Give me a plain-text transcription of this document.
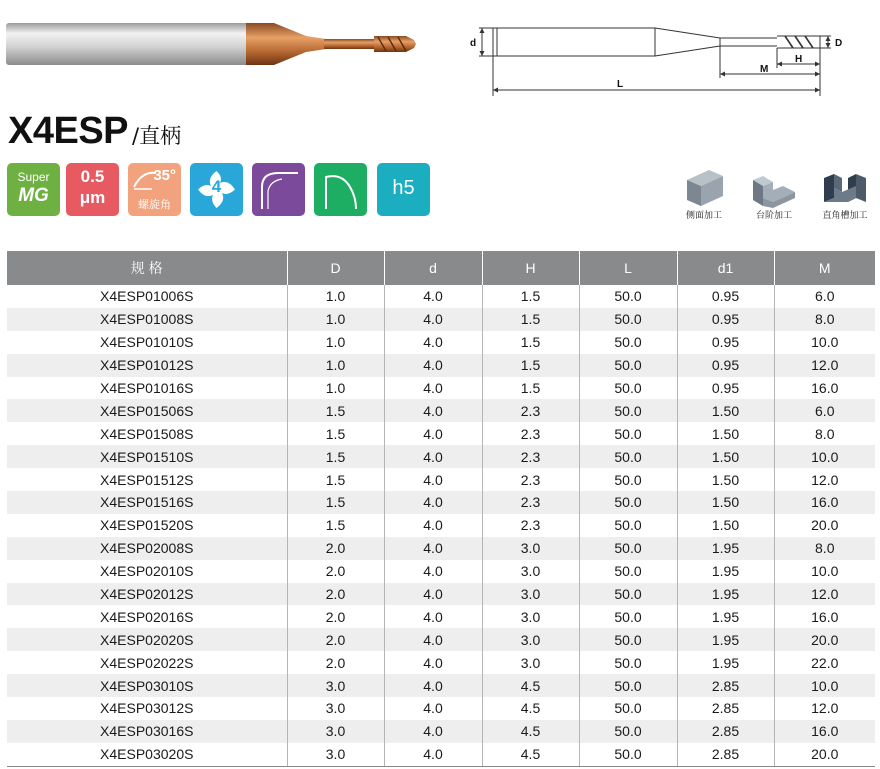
d	D
H
M
L
X4ESP /直柄
Super
MG
0.5
μm
35°
螺旋角
4	h5
侧面加工	台阶加工	直角槽加工
规 格	D	d	H	L	d1	M
X4ESP01006S	1.0	4.0	1.5	50.0	0.95	6.0
X4ESP01008S	1.0	4.0	1.5	50.0	0.95	8.0
X4ESP01010S	1.0	4.0	1.5	50.0	0.95	10.0
X4ESP01012S	1.0	4.0	1.5	50.0	0.95	12.0
X4ESP01016S	1.0	4.0	1.5	50.0	0.95	16.0
X4ESP01506S	1.5	4.0	2.3	50.0	1.50	6.0
X4ESP01508S	1.5	4.0	2.3	50.0	1.50	8.0
X4ESP01510S	1.5	4.0	2.3	50.0	1.50	10.0
X4ESP01512S	1.5	4.0	2.3	50.0	1.50	12.0
X4ESP01516S	1.5	4.0	2.3	50.0	1.50	16.0
X4ESP01520S	1.5	4.0	2.3	50.0	1.50	20.0
X4ESP02008S	2.0	4.0	3.0	50.0	1.95	8.0
X4ESP02010S	2.0	4.0	3.0	50.0	1.95	10.0
X4ESP02012S	2.0	4.0	3.0	50.0	1.95	12.0
X4ESP02016S	2.0	4.0	3.0	50.0	1.95	16.0
X4ESP02020S	2.0	4.0	3.0	50.0	1.95	20.0
X4ESP02022S	2.0	4.0	3.0	50.0	1.95	22.0
X4ESP03010S	3.0	4.0	4.5	50.0	2.85	10.0
X4ESP03012S	3.0	4.0	4.5	50.0	2.85	12.0
X4ESP03016S	3.0	4.0	4.5	50.0	2.85	16.0
X4ESP03020S	3.0	4.0	4.5	50.0	2.85	20.0
